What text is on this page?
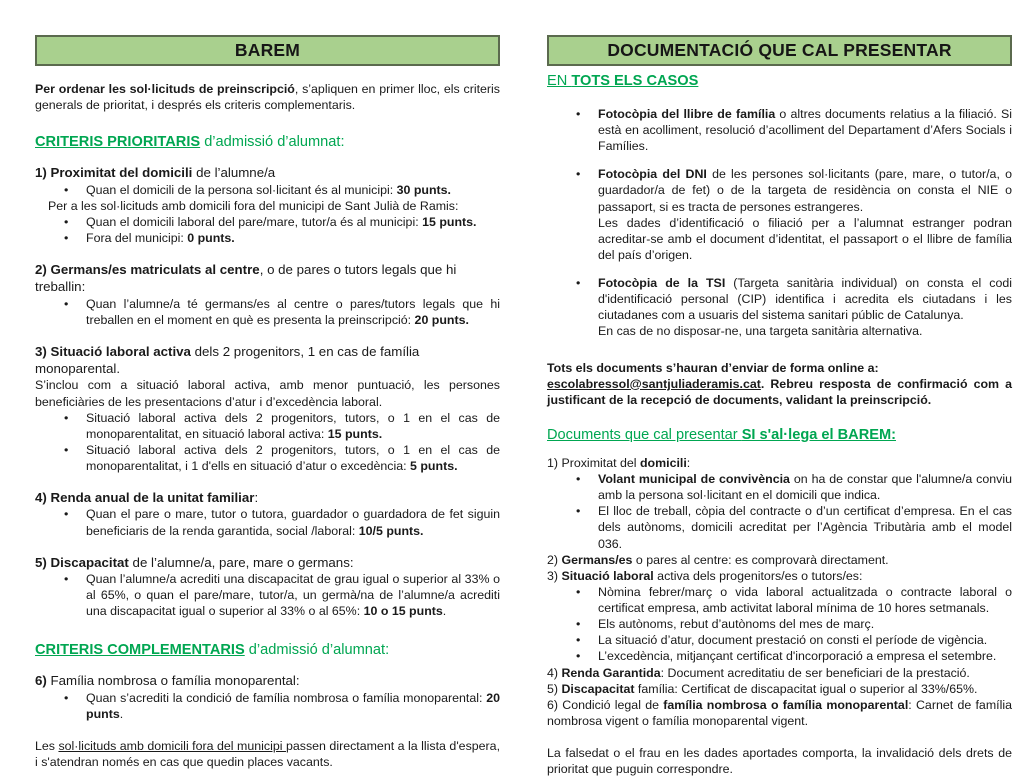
BAREM

Per ordenar les sol·licituds de preinscripció, s’apliquen en primer lloc, els criteris generals de prioritat, i després els criteris complementaris.

CRITERIS PRIORITARIS d’admissió d’alumnat:

1) Proximitat del domicili de l’alumne/a

•	Quan el domicili de la persona sol·licitant és al municipi: 30 punts.

Per a les sol·licituds amb domicili fora del municipi de Sant Julià de Ramis:

•	Quan el domicili laboral del pare/mare, tutor/a és al municipi: 15 punts.
•	Fora del municipi: 0 punts.

2) Germans/es matriculats al centre, o de pares o tutors legals que hi treballin:

•	Quan l’alumne/a té germans/es al centre o pares/tutors legals que hi treballen en el moment en què es presenta la preinscripció: 20 punts.

3) Situació laboral activa dels 2 progenitors, 1 en cas de família monoparental.

S’inclou com a situació laboral activa, amb menor puntuació, les persones beneficiàries de les presentacions d’atur i d’excedència laboral.

•	Situació laboral activa dels 2 progenitors, tutors, o 1 en el cas de monoparentalitat, en situació laboral activa: 15 punts.
•	Situació laboral activa dels 2 progenitors, tutors, o 1 en el cas de monoparentalitat, i 1 d'ells en situació d’atur o excedència: 5 punts.

4) Renda anual de la unitat familiar:

•	Quan el pare o mare, tutor o tutora, guardador o guardadora de fet siguin beneficiaris de la renda garantida, social /laboral: 10/5 punts.

5) Discapacitat de l’alumne/a, pare, mare o germans:

•	Quan l’alumne/a acrediti una discapacitat de grau igual o superior al 33% o al 65%, o quan el pare/mare, tutor/a, un germà/na de l’alumne/a acrediti una discapacitat igual o superior al 33% o al 65%: 10 o 15 punts.

CRITERIS COMPLEMENTARIS d’admissió d’alumnat:

6) Família nombrosa o família monoparental:

•	Quan s’acrediti la condició de família nombrosa o família monoparental: 20 punts.

Les sol·licituds amb domicili fora del municipi passen directament a la llista d'espera, i s'atendran només en cas que quedin places vacants.

DOCUMENTACIÓ QUE CAL PRESENTAR

EN TOTS ELS CASOS

•	Fotocòpia del llibre de família o altres documents relatius a la filiació. Si està en acolliment, resolució d’acolliment del Departament d’Afers Socials i Famílies.
•	Fotocòpia del DNI de les persones sol·licitants (pare, mare, o tutor/a, o guardador/a de fet) o de la targeta de residència on consta el NIE o passaport, si es tracta de persones estrangeres.
Les dades d’identificació o filiació per a l’alumnat estranger podran acreditar-se amb el document d’identitat, el passaport o el llibre de família del país d’origen.
•	Fotocòpia de la TSI (Targeta sanitària individual) on consta el codi d'identificació personal (CIP) identifica i acredita els ciutadans i les ciutadanes com a usuaris del sistema sanitari públic de Catalunya.
En cas de no disposar-ne, una targeta sanitària alternativa.

Tots els documents s’hauran d’enviar de forma online a:
escolabressol@santjuliaderamis.cat. Rebreu resposta de confirmació com a justificant de la recepció de documents, validant la preinscripció.

Documents que cal presentar SI s'al·lega el BAREM:

1) Proximitat del domicili:

•	Volant municipal de convivència on ha de constar que l'alumne/a conviu amb la persona sol·licitant en el domicili que indica.
•	El lloc de treball, còpia del contracte o d’un certificat d’empresa. En el cas dels autònoms, domicili acreditat per l’Agència Tributària amb el model 036.

2) Germans/es o pares al centre: es comprovarà directament.

3) Situació laboral activa dels progenitors/es o tutors/es:

•	Nòmina febrer/març o vida laboral actualitzada o contracte laboral o certificat empresa, amb activitat laboral mínima de 10 hores setmanals.
•	Els autònoms, rebut d’autònoms del mes de març.
•	La situació d’atur, document prestació on consti el període de vigència.
•	L’excedència, mitjançant certificat d'incorporació a empresa el setembre.

4) Renda Garantida: Document acreditatiu de ser beneficiari de la prestació.

5) Discapacitat família: Certificat de discapacitat igual o superior al 33%/65%.

6) Condició legal de família nombrosa o família monoparental: Carnet de família nombrosa vigent o família monoparental vigent.

La falsedat o el frau en les dades aportades comporta, la invalidació dels drets de prioritat que puguin correspondre.
